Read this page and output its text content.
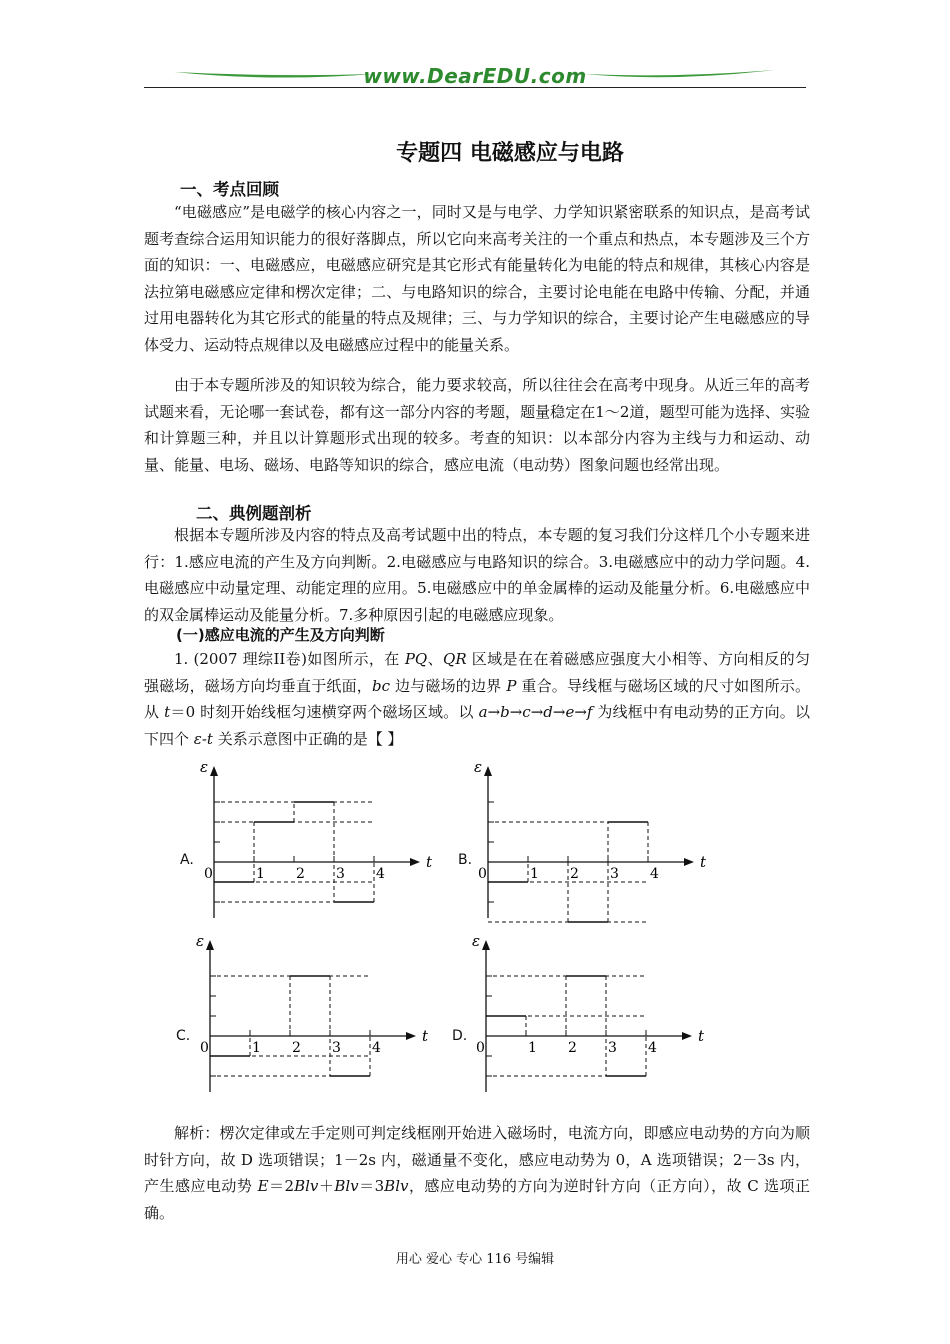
www.DearEDU.com
专题四 电磁感应与电路
一、考点回顾

“电磁感应”是电磁学的核心内容之一，同时又是与电学、力学知识紧密联系的知识点，是高考试题考查综合运用知识能力的很好落脚点，所以它向来高考关注的一个重点和热点，本专题涉及三个方面的知识：一、电磁感应，电磁感应研究是其它形式有能量转化为电能的特点和规律，其核心内容是法拉第电磁感应定律和楞次定律；二、与电路知识的综合，主要讨论电能在电路中传输、分配，并通过用电器转化为其它形式的能量的特点及规律；三、与力学知识的综合，主要讨论产生电磁感应的导体受力、运动特点规律以及电磁感应过程中的能量关系。

由于本专题所涉及的知识较为综合，能力要求较高，所以往往会在高考中现身。从近三年的高考试题来看，无论哪一套试卷，都有这一部分内容的考题，题量稳定在1～2道，题型可能为选择、实验和计算题三种，并且以计算题形式出现的较多。考查的知识：以本部分内容为主线与力和运动、动量、能量、电场、磁场、电路等知识的综合，感应电流（电动势）图象问题也经常出现。

二、典例题剖析

根据本专题所涉及内容的特点及高考试题中出的特点，本专题的复习我们分这样几个小专题来进行：1.感应电流的产生及方向判断。2.电磁感应与电路知识的综合。3.电磁感应中的动力学问题。4.电磁感应中动量定理、动能定理的应用。5.电磁感应中的单金属棒的运动及能量分析。6.电磁感应中的双金属棒运动及能量分析。7.多种原因引起的电磁感应现象。

(一)感应电流的产生及方向判断

1. (2007 理综II卷)如图所示，在 PQ、QR 区域是在在着磁感应强度大小相等、方向相反的匀强磁场，磁场方向均垂直于纸面，bc 边与磁场的边界 P 重合。导线框与磁场区域的尺寸如图所示。从 t＝0 时刻开始线框匀速横穿两个磁场区域。以 a→b→c→d→e→f 为线框中有电动势的正方向。以下四个 ε-t 关系示意图中正确的是【 】

0	1 2 3 4
ε
t
A.
0	1 2 3 4
ε
t
B.
0	1 2 3 4
ε
t
C.
0	1 2 3 4
ε
t
D.

解析：楞次定律或左手定则可判定线框刚开始进入磁场时，电流方向，即感应电动势的方向为顺时针方向，故 D 选项错误；1－2s 内，磁通量不变化，感应电动势为 0，A 选项错误；2－3s 内，产生感应电动势 E＝2Blv＋Blv＝3Blv，感应电动势的方向为逆时针方向（正方向），故 C 选项正确。

用心 爱心 专心 116 号编辑
